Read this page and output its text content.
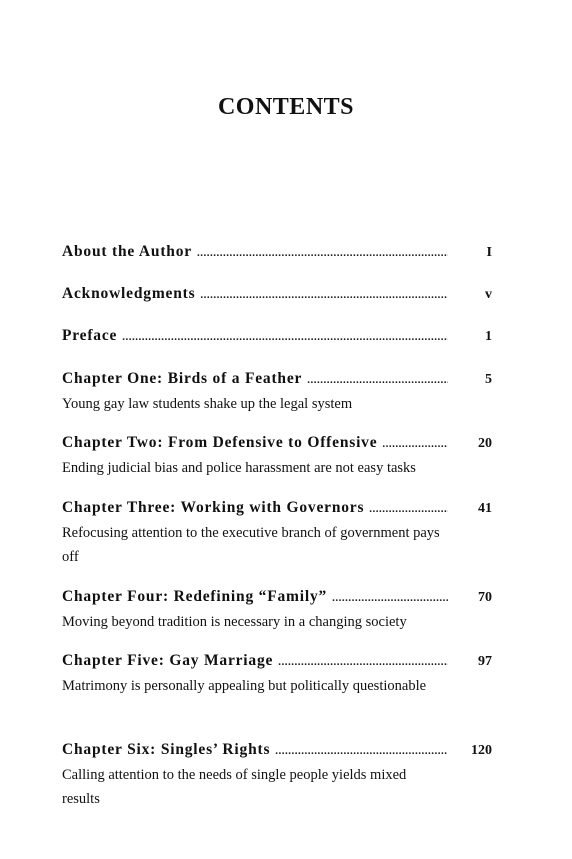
CONTENTS
About the Author .....	I
Acknowledgments .....	v
Preface .....	1
Chapter One: Birds of a Feather .....	5
Young gay law students shake up the legal system
Chapter Two: From Defensive to Offensive .....	20
Ending judicial bias and police harassment are not easy tasks
Chapter Three: Working with Governors .....	41
Refocusing attention to the executive branch of government pays off
Chapter Four: Redefining “Family” .....	70
Moving beyond tradition is necessary in a changing society
Chapter Five: Gay Marriage .....	97
Matrimony is personally appealing but politically questionable
Chapter Six: Singles’ Rights .....	120
Calling attention to the needs of single people yields mixed results
